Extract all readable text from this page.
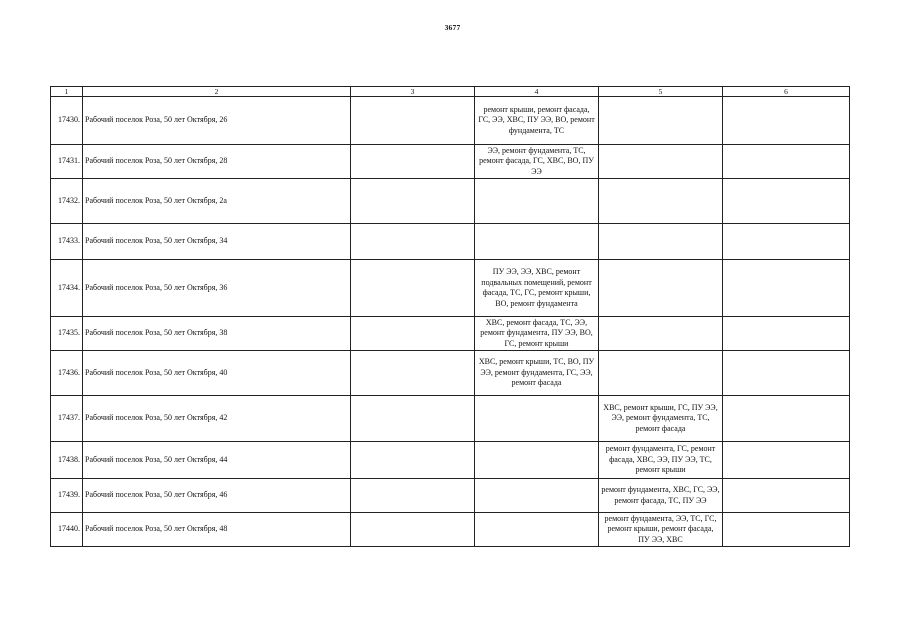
3677
1	2	3	4	5	6
17430.	Рабочий поселок Роза, 50 лет Октября, 26		ремонт крыши, ремонт фасада, ГС, ЭЭ, ХВС, ПУ ЭЭ, ВО, ремонт фундамента, ТС		
17431.	Рабочий поселок Роза, 50 лет Октября, 28		ЭЭ, ремонт фундамента, ТС, ремонт фасада, ГС, ХВС, ВО, ПУ ЭЭ		
17432.	Рабочий поселок Роза, 50 лет Октября, 2а				
17433.	Рабочий поселок Роза, 50 лет Октября, 34				
17434.	Рабочий поселок Роза, 50 лет Октября, 36		ПУ ЭЭ, ЭЭ, ХВС, ремонт подвальных помещений, ремонт фасада, ТС, ГС, ремонт крыши, ВО, ремонт фундамента		
17435.	Рабочий поселок Роза, 50 лет Октября, 38		ХВС, ремонт фасада, ТС, ЭЭ, ремонт фундамента, ПУ ЭЭ, ВО, ГС, ремонт крыши		
17436.	Рабочий поселок Роза, 50 лет Октября, 40		ХВС, ремонт крыши, ТС, ВО, ПУ ЭЭ, ремонт фундамента, ГС, ЭЭ, ремонт фасада		
17437.	Рабочий поселок Роза, 50 лет Октября, 42			ХВС, ремонт крыши, ГС, ПУ ЭЭ, ЭЭ, ремонт фундамента, ТС, ремонт фасада	
17438.	Рабочий поселок Роза, 50 лет Октября, 44			ремонт фундамента, ГС, ремонт фасада, ХВС, ЭЭ, ПУ ЭЭ, ТС, ремонт крыши	
17439.	Рабочий поселок Роза, 50 лет Октября, 46			ремонт фундамента, ХВС, ГС, ЭЭ, ремонт фасада, ТС, ПУ ЭЭ	
17440.	Рабочий поселок Роза, 50 лет Октября, 48			ремонт фундамента, ЭЭ, ТС, ГС, ремонт крыши, ремонт фасада, ПУ ЭЭ, ХВС	
